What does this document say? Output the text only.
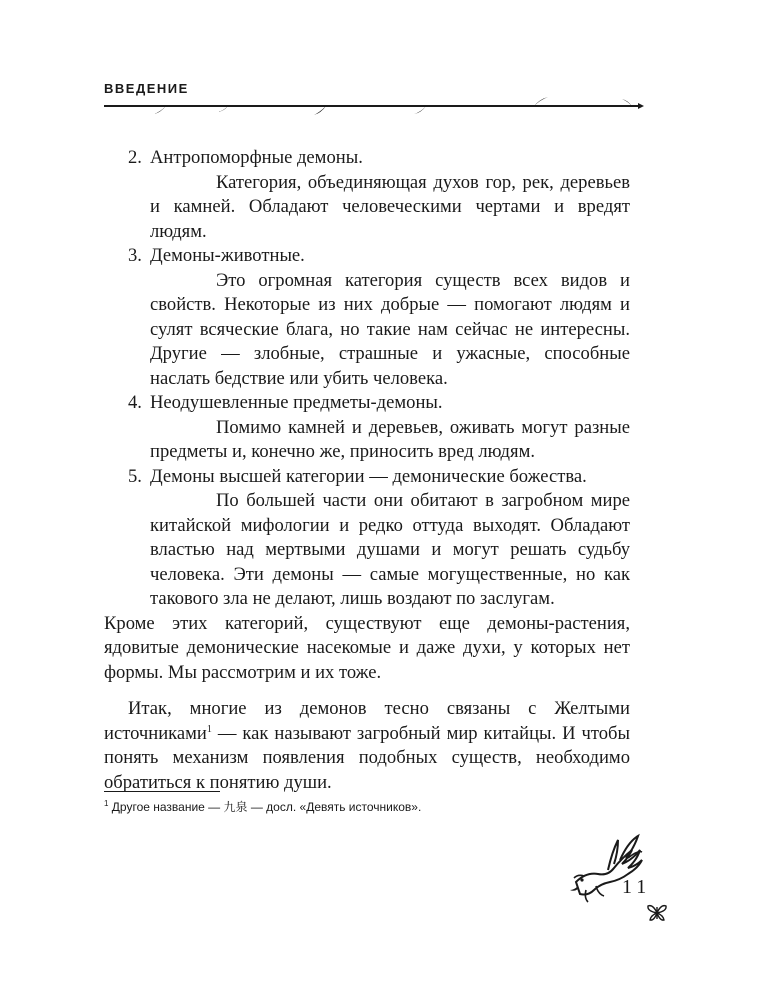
ВВЕДЕНИЕ

2. Антропоморфные демоны.

Категория, объединяющая духов гор, рек, деревьев и камней. Обладают человеческими чертами и вредят людям.

3. Демоны-животные.

Это огромная категория существ всех видов и свойств. Некоторые из них добрые — помогают людям и сулят всяческие блага, но такие нам сейчас не интересны. Другие — злобные, страшные и ужасные, способные наслать бедствие или убить человека.

4. Неодушевленные предметы-демоны.

Помимо камней и деревьев, оживать могут разные предметы и, конечно же, приносить вред людям.

5. Демоны высшей категории — демонические божества.

По большей части они обитают в загробном мире китайской мифологии и редко оттуда выходят. Обладают властью над мертвыми душами и могут решать судьбу человека. Эти демоны — самые могущественные, но как такового зла не делают, лишь воздают по заслугам.

Кроме этих категорий, существуют еще демоны-растения, ядовитые демонические насекомые и даже духи, у которых нет формы. Мы рассмотрим и их тоже.

Итак, многие из демонов тесно связаны с Желтыми источниками$^1$ — как называют загробный мир китайцы. И чтобы понять механизм появления подобных существ, необходимо обратиться к понятию души.

$^1$ Другое название — 九泉 — досл. «Девять источников».
11
